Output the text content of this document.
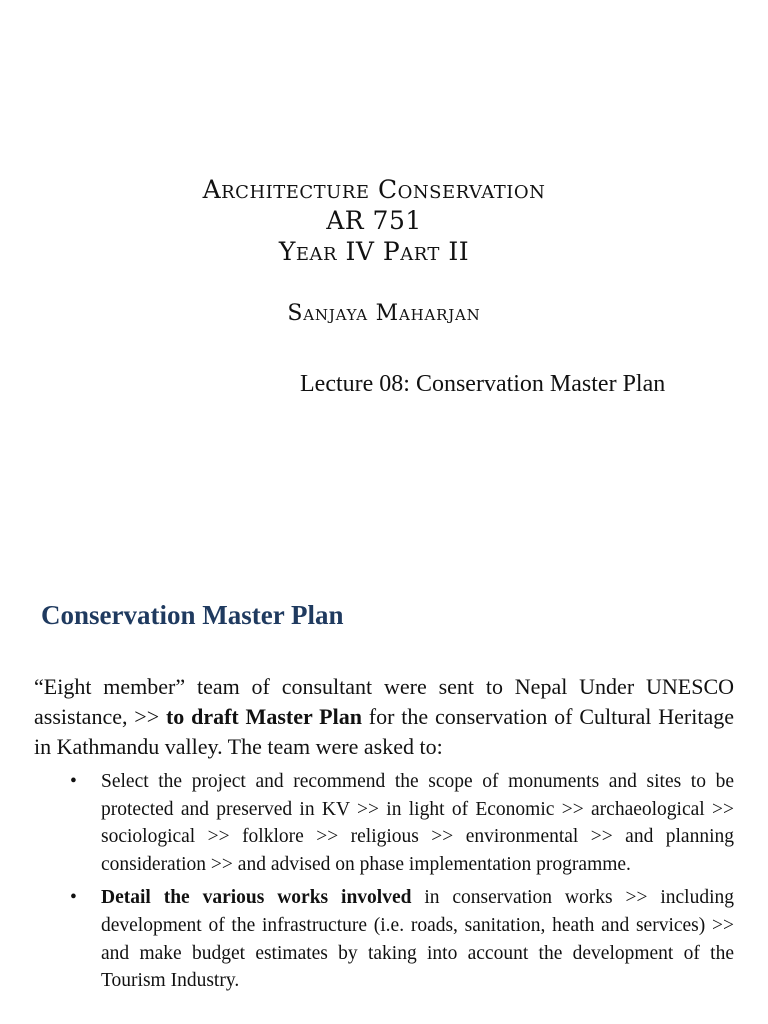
Architecture Conservation
AR 751
Year IV Part II
Sanjaya Maharjan
Lecture 08: Conservation Master Plan
Conservation Master Plan

“Eight member” team of consultant were sent to Nepal Under UNESCO assistance, >> to draft Master Plan for the conservation of Cultural Heritage in Kathmandu valley. The team were asked to:

• Select the project and recommend the scope of monuments and sites to be protected and preserved in KV >> in light of Economic >> archaeological >> sociological >> folklore >> religious >> environmental >> and planning consideration >> and advised on phase implementation programme.
• Detail the various works involved in conservation works >> including development of the infrastructure (i.e. roads, sanitation, heath and services) >> and make budget estimates by taking into account the development of the Tourism Industry.
